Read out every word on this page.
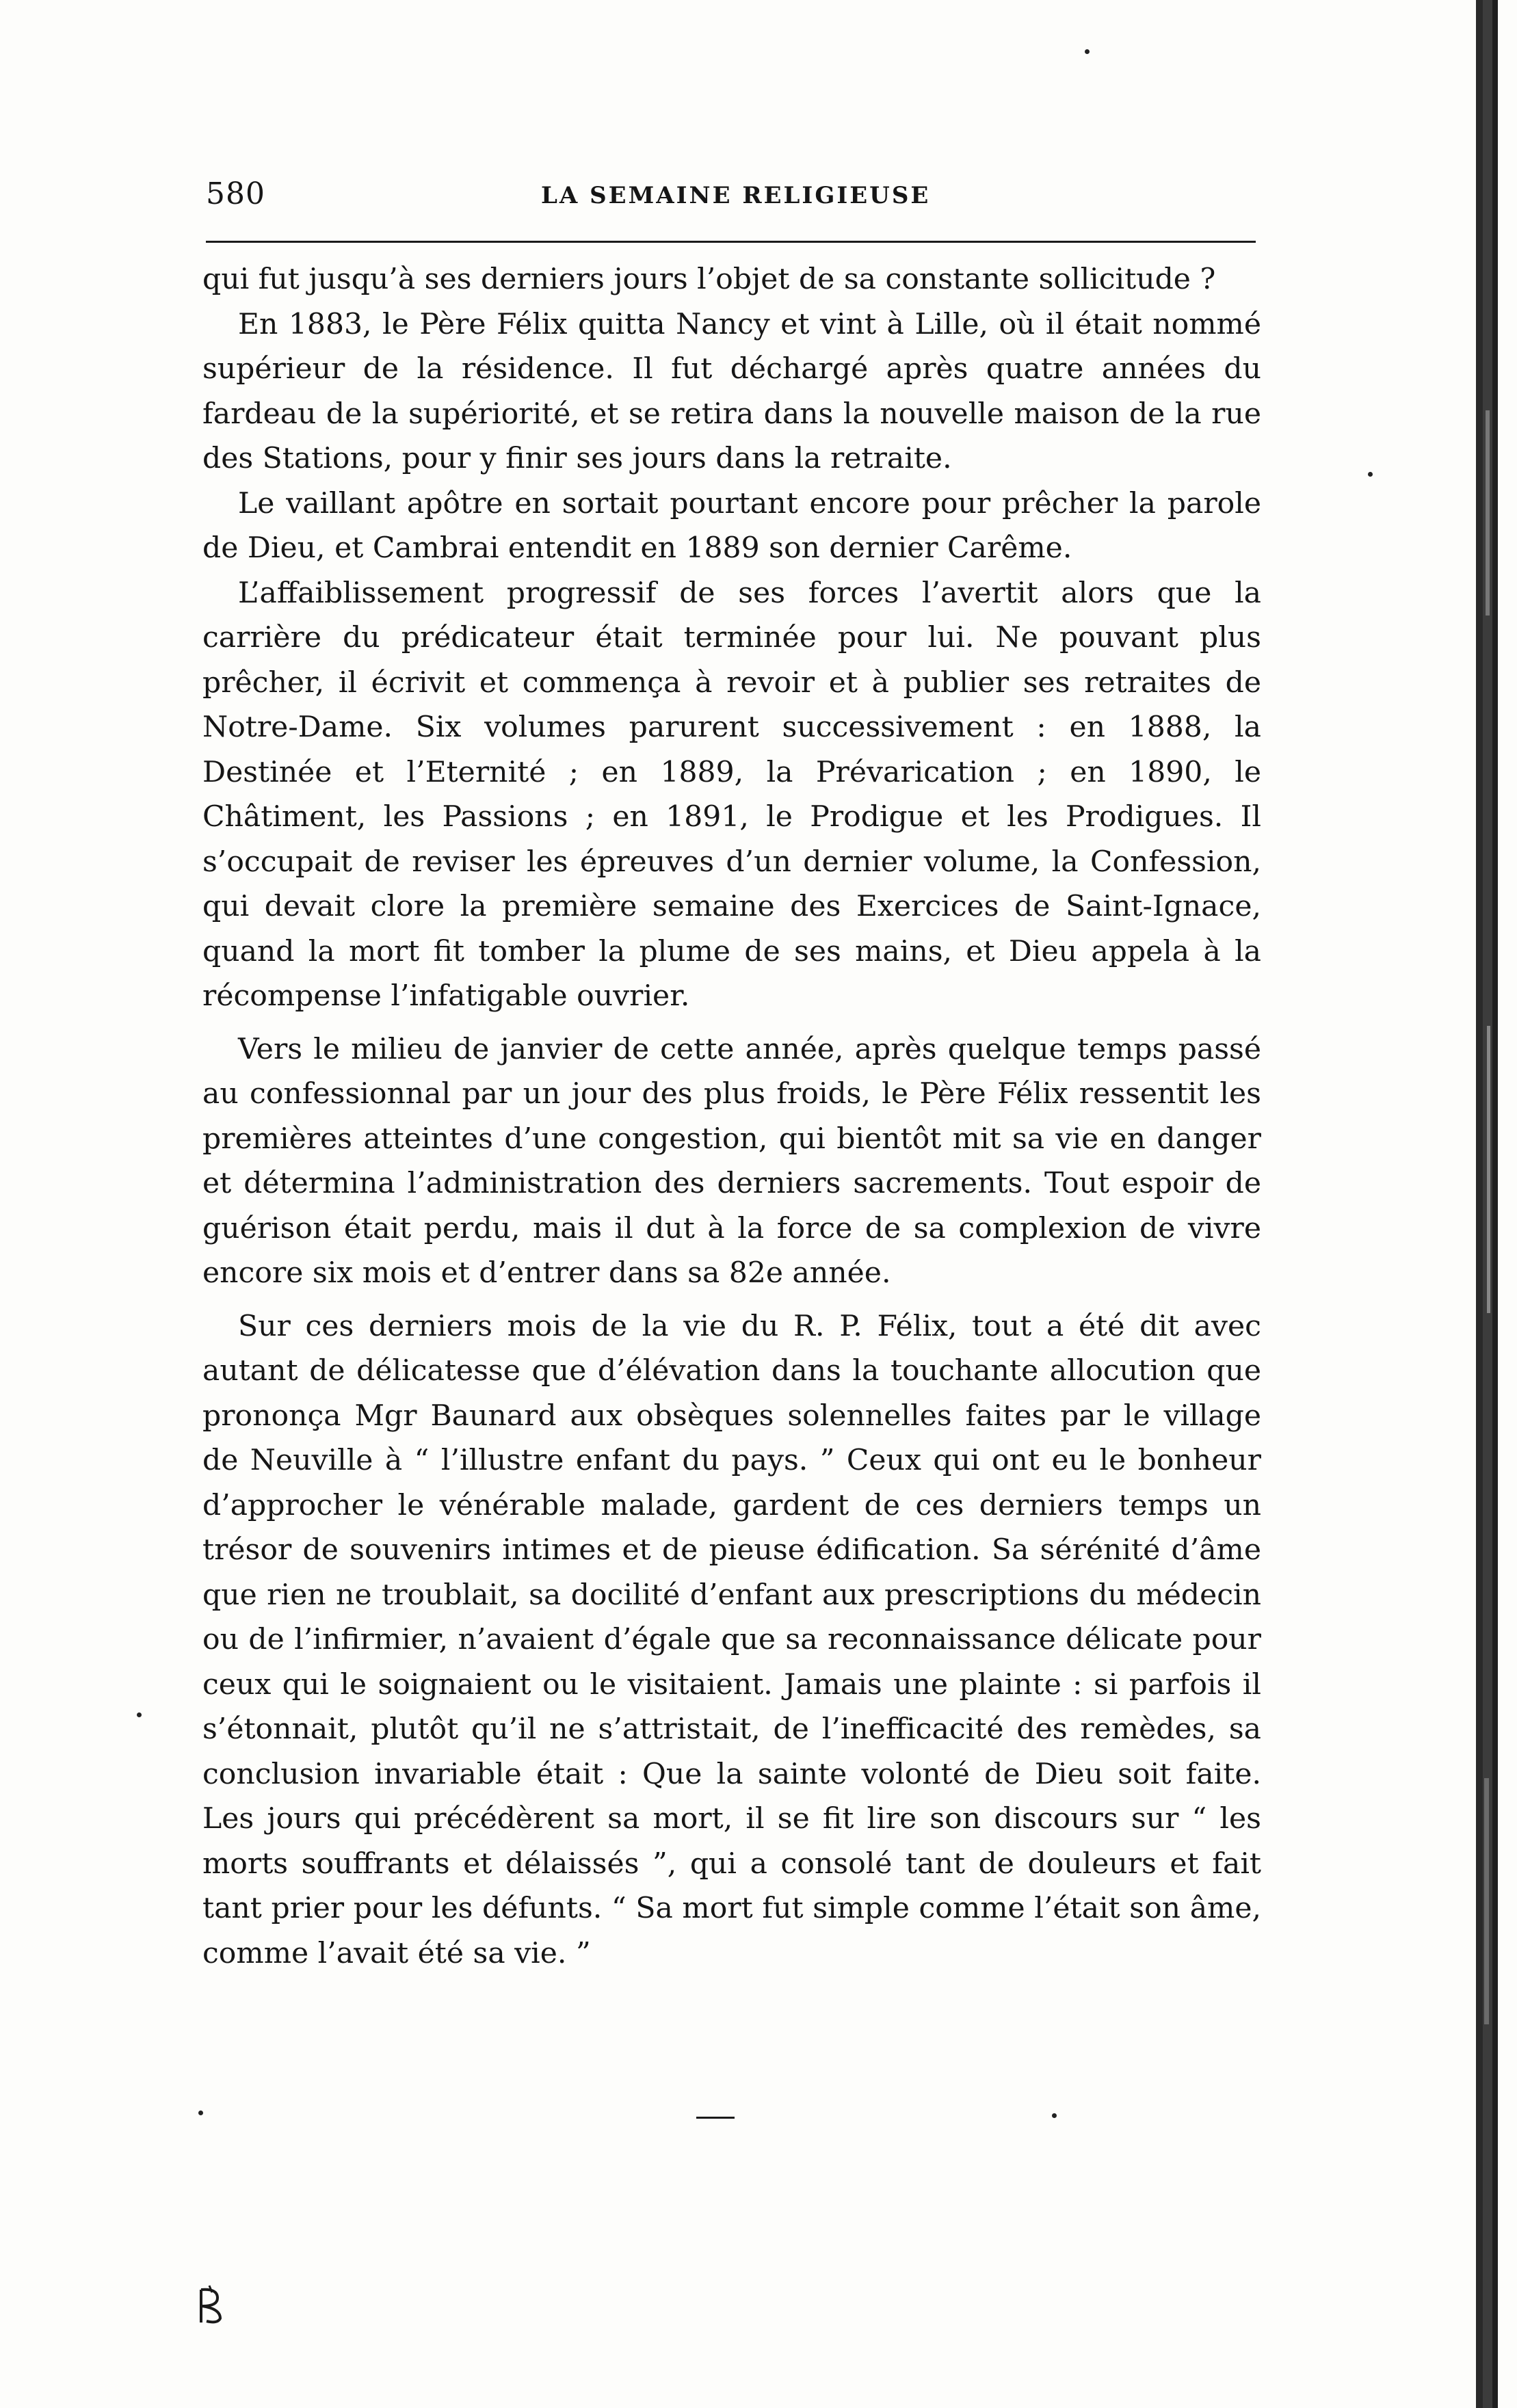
580	LA SEMAINE RELIGIEUSE

qui fut jusqu’à ses derniers jours l’objet de sa constante sollicitude ?

En 1883, le Père Félix quitta Nancy et vint à Lille, où il était nommé supérieur de la résidence. Il fut déchargé après quatre années du fardeau de la supériorité, et se retira dans la nouvelle maison de la rue des Stations, pour y finir ses jours dans la retraite.

Le vaillant apôtre en sortait pourtant encore pour prêcher la parole de Dieu, et Cambrai entendit en 1889 son dernier Carême.

L’affaiblissement progressif de ses forces l’avertit alors que la carrière du prédicateur était terminée pour lui. Ne pouvant plus prêcher, il écrivit et commença à revoir et à publier ses retraites de Notre-Dame. Six volumes parurent successivement : en 1888, la Destinée et l’Eternité ; en 1889, la Prévarication ; en 1890, le Châtiment, les Passions ; en 1891, le Prodigue et les Prodigues. Il s’occupait de reviser les épreuves d’un dernier volume, la Confession, qui devait clore la première semaine des Exercices de Saint-Ignace, quand la mort fit tomber la plume de ses mains, et Dieu appela à la récompense l’infatigable ouvrier.

Vers le milieu de janvier de cette année, après quelque temps passé au confessionnal par un jour des plus froids, le Père Félix ressentit les premières atteintes d’une congestion, qui bientôt mit sa vie en danger et détermina l’administration des derniers sacrements. Tout espoir de guérison était perdu, mais il dut à la force de sa complexion de vivre encore six mois et d’entrer dans sa 82e année.

Sur ces derniers mois de la vie du R. P. Félix, tout a été dit avec autant de délicatesse que d’élévation dans la touchante allocution que prononça Mgr Baunard aux obsèques solennelles faites par le village de Neuville à “ l’illustre enfant du pays. ” Ceux qui ont eu le bonheur d’approcher le vénérable malade, gardent de ces derniers temps un trésor de souvenirs intimes et de pieuse édification. Sa sérénité d’âme que rien ne troublait, sa docilité d’enfant aux prescriptions du médecin ou de l’infirmier, n’avaient d’égale que sa reconnaissance délicate pour ceux qui le soignaient ou le visitaient. Jamais une plainte : si parfois il s’étonnait, plutôt qu’il ne s’attristait, de l’inefficacité des remèdes, sa conclusion invariable était : Que la sainte volonté de Dieu soit faite. Les jours qui précédèrent sa mort, il se fit lire son discours sur “ les morts souffrants et délaissés ”, qui a consolé tant de douleurs et fait tant prier pour les défunts. “ Sa mort fut simple comme l’était son âme, comme l’avait été sa vie. ”
